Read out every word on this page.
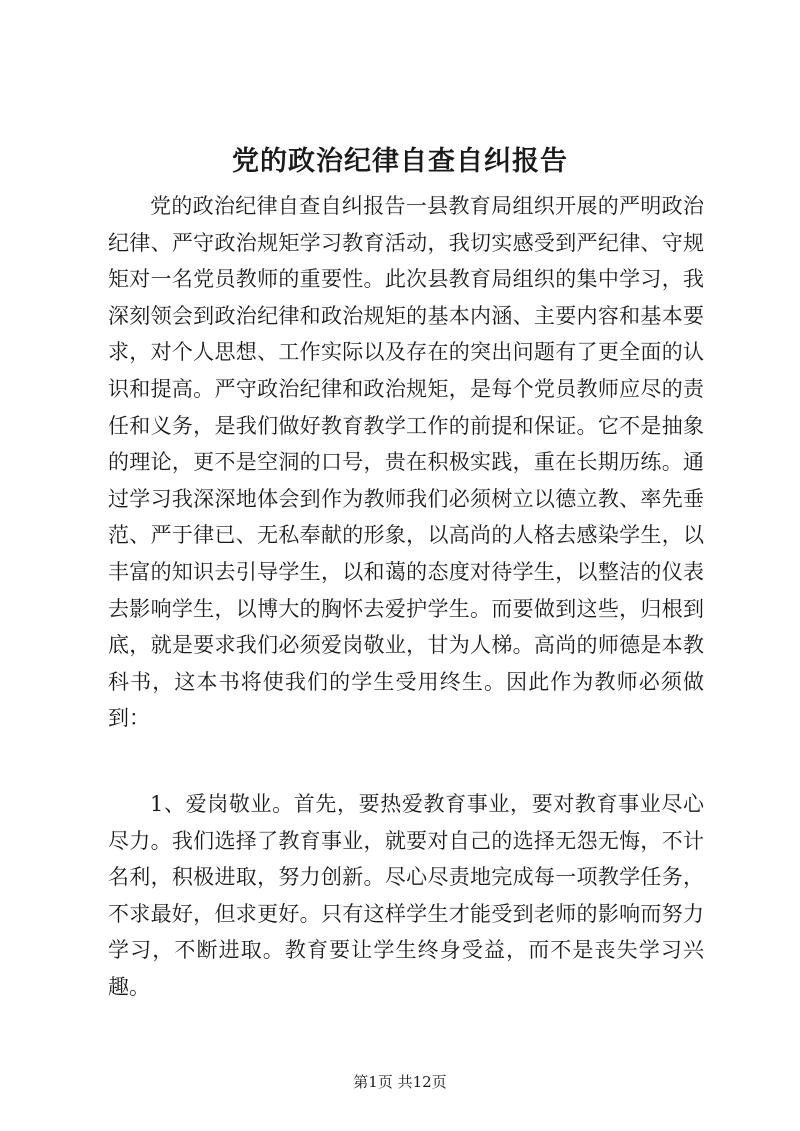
党的政治纪律自查自纠报告

党的政治纪律自查自纠报告一县教育局组织开展的严明政治纪律、严守政治规矩学习教育活动，我切实感受到严纪律、守规矩对一名党员教师的重要性。此次县教育局组织的集中学习，我深刻领会到政治纪律和政治规矩的基本内涵、主要内容和基本要求，对个人思想、工作实际以及存在的突出问题有了更全面的认识和提高。严守政治纪律和政治规矩，是每个党员教师应尽的责任和义务，是我们做好教育教学工作的前提和保证。它不是抽象的理论，更不是空洞的口号，贵在积极实践，重在长期历练。通过学习我深深地体会到作为教师我们必须树立以德立教、率先垂范、严于律已、无私奉献的形象，以高尚的人格去感染学生，以丰富的知识去引导学生，以和蔼的态度对待学生，以整洁的仪表去影响学生，以博大的胸怀去爱护学生。而要做到这些，归根到底，就是要求我们必须爱岗敬业，甘为人梯。高尚的师德是本教科书，这本书将使我们的学生受用终生。因此作为教师必须做到：

1、爱岗敬业。首先，要热爱教育事业，要对教育事业尽心尽力。我们选择了教育事业，就要对自己的选择无怨无悔，不计名利，积极进取，努力创新。尽心尽责地完成每一项教学任务，不求最好，但求更好。只有这样学生才能受到老师的影响而努力学习，不断进取。教育要让学生终身受益，而不是丧失学习兴趣。

第1页 共12页
